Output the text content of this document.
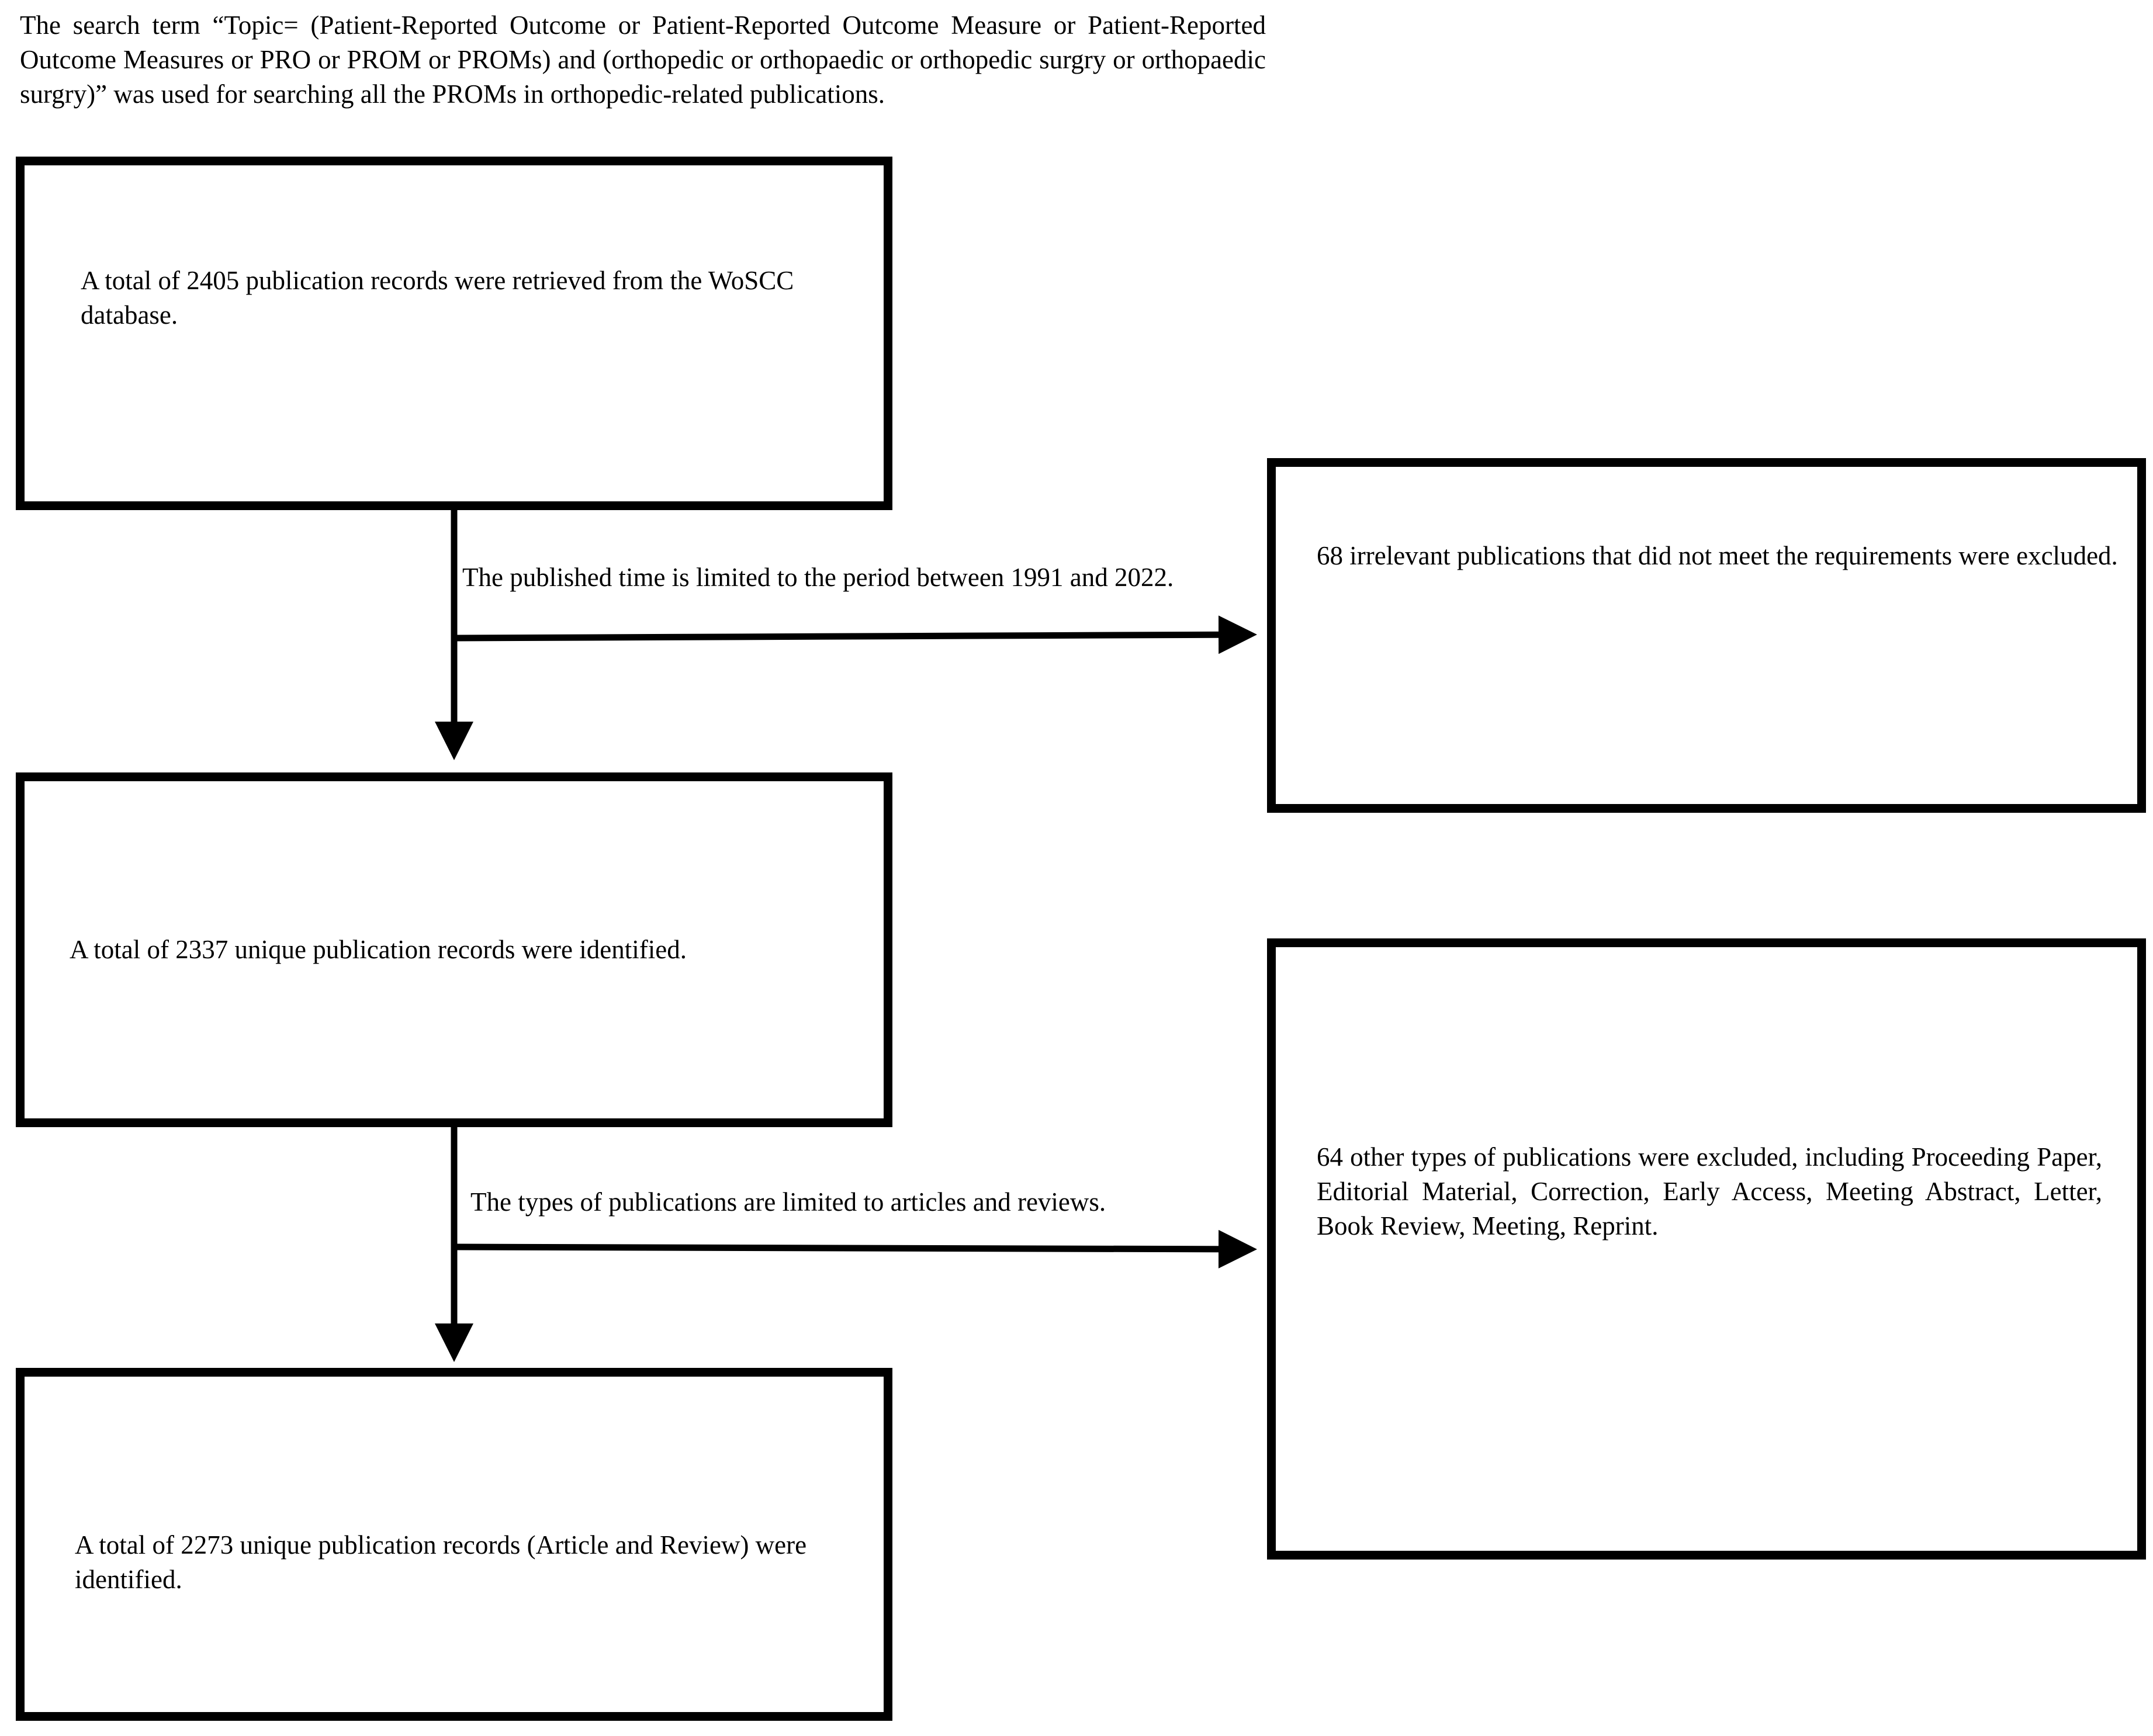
The search term “Topic= (Patient-Reported Outcome or Patient-Reported Outcome Measure or Patient-Reported Outcome Measures or PRO or PROM or PROMs) and (orthopedic or orthopaedic or orthopedic surgry or orthopaedic surgry)” was used for searching all the PROMs in orthopedic-related publications.
A total of 2405 publication records were retrieved from the WoSCC database.
The published time is limited to the period between 1991 and 2022.
68 irrelevant publications that did not meet the requirements were excluded.
A total of 2337 unique publication records were identified.
The types of publications are limited to articles and reviews.
64 other types of publications were excluded, including Proceeding Paper, Editorial Material, Correction, Early Access, Meeting Abstract, Letter, Book Review, Meeting, Reprint.
A total of 2273 unique publication records (Article and Review) were identified.
